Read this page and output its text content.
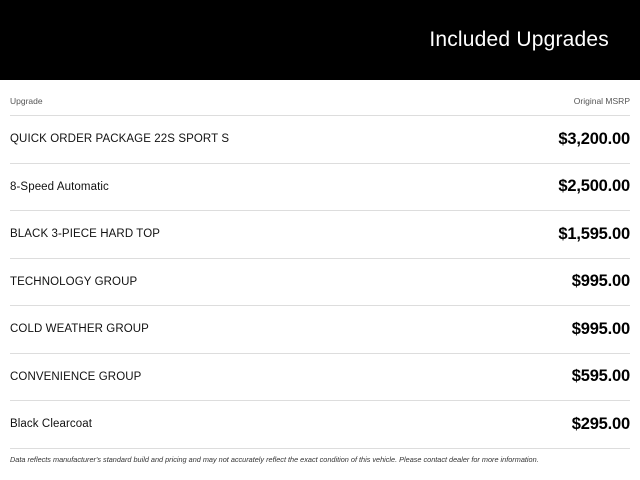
Included Upgrades
Upgrade	Original MSRP
QUICK ORDER PACKAGE 22S SPORT S	$3,200.00
8-Speed Automatic	$2,500.00
BLACK 3-PIECE HARD TOP	$1,595.00
TECHNOLOGY GROUP	$995.00
COLD WEATHER GROUP	$995.00
CONVENIENCE GROUP	$595.00
Black Clearcoat	$295.00
Data reflects manufacturer's standard build and pricing and may not accurately reflect the exact condition of this vehicle. Please contact dealer for more information.
